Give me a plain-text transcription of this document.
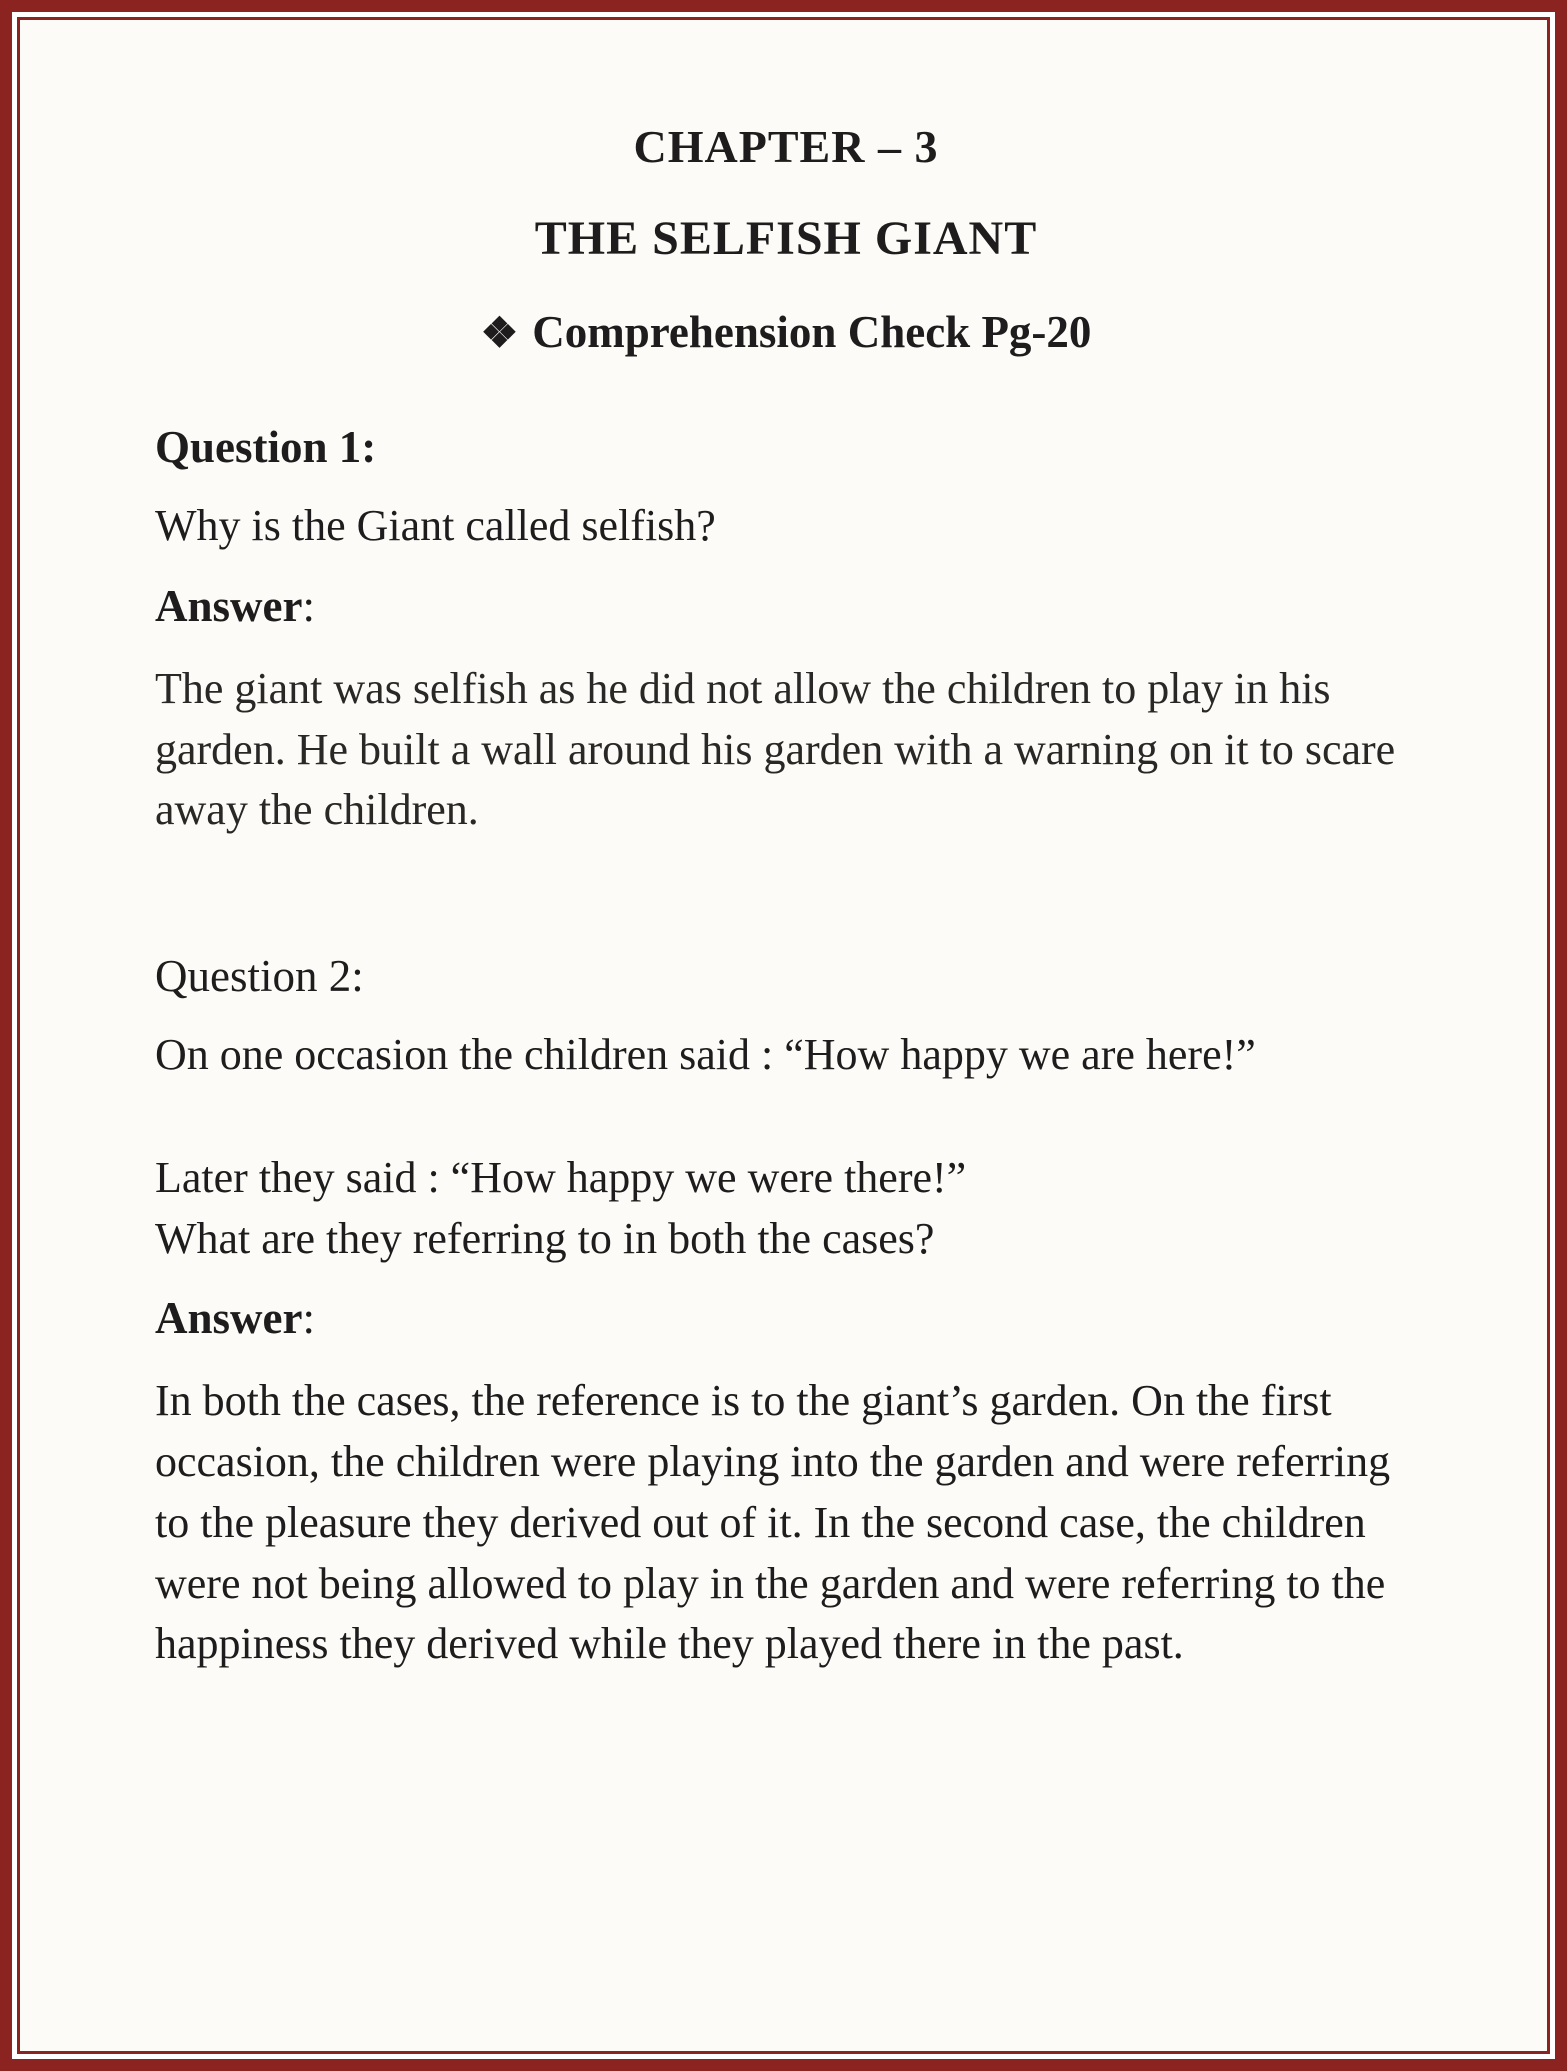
CHAPTER – 3
THE SELFISH GIANT
❖ Comprehension Check Pg-20

Question 1:

Why is the Giant called selfish?

Answer:

The giant was selfish as he did not allow the children to play in his garden. He built a wall around his garden with a warning on it to scare away the children.

Question 2:

On one occasion the children said : “How happy we are here!”

Later they said : “How happy we were there!”

What are they referring to in both the cases?

Answer:

In both the cases, the reference is to the giant’s garden. On the first occasion, the children were playing into the garden and were referring to the pleasure they derived out of it. In the second case, the children were not being allowed to play in the garden and were referring to the happiness they derived while they played there in the past.
